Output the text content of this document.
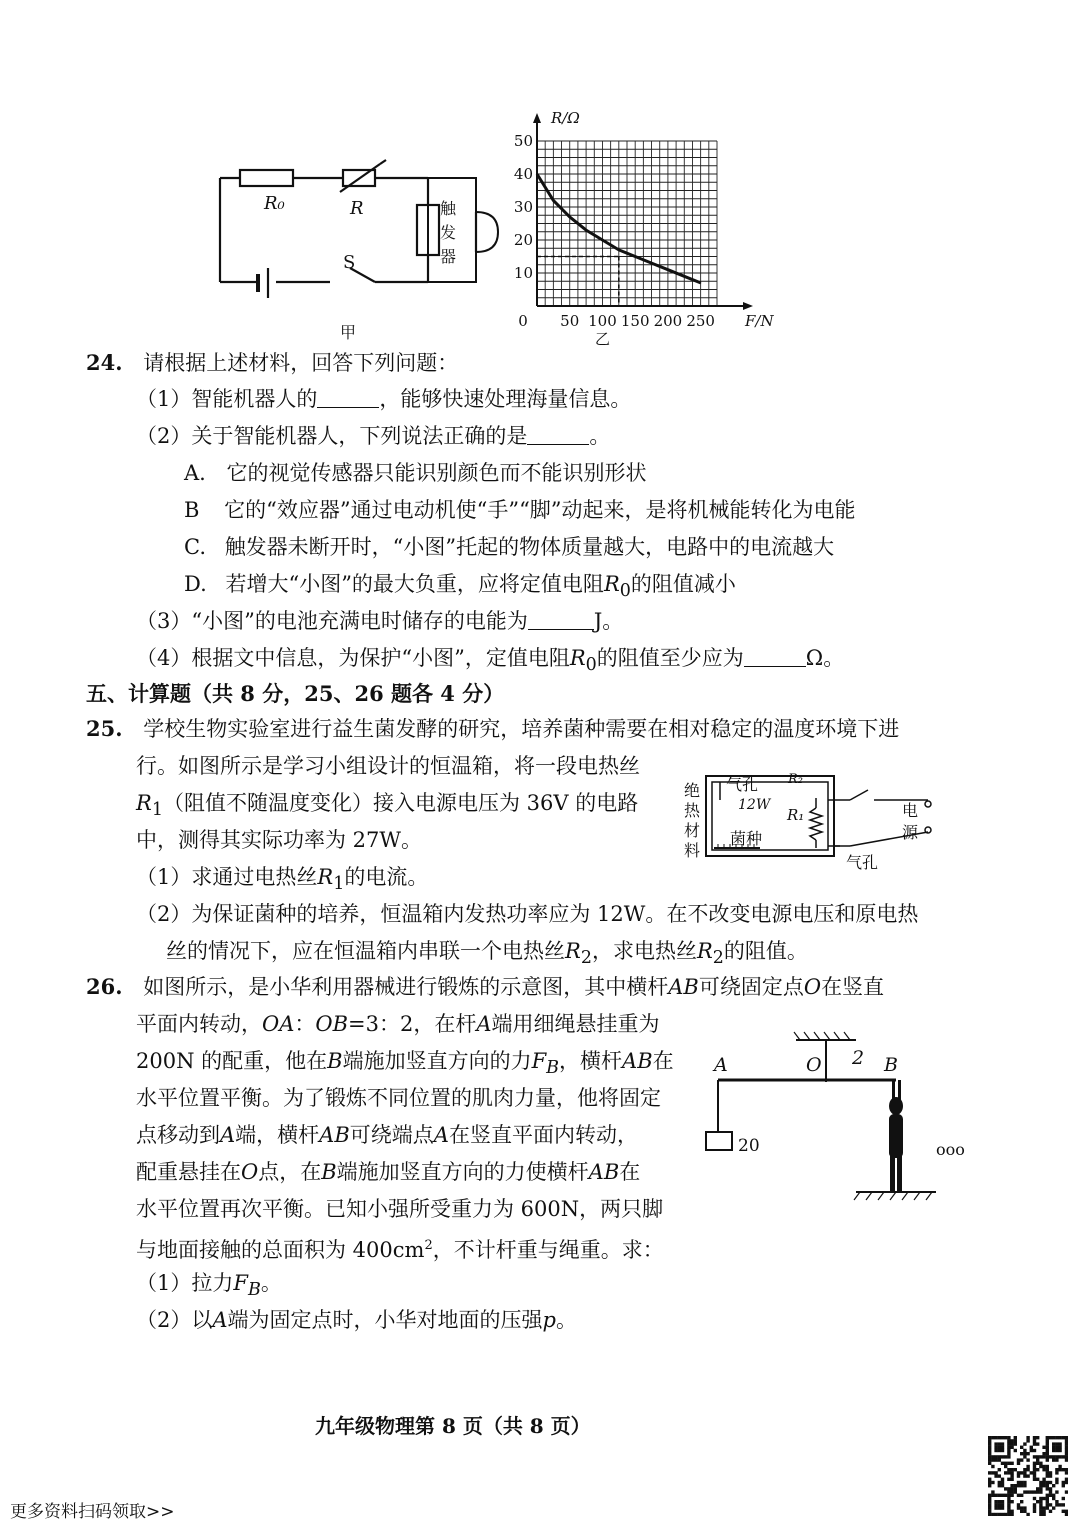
R₀	R
S
触
发
器
甲
R/Ω
F/N
0 50 100 150 200 250
10
20
30
40
50
乙
24. 请根据上述材料，回答下列问题：
（1）智能机器人的	，能够快速处理海量信息。
（2）关于智能机器人，下列说法正确的是	。
A. 它的视觉传感器只能识别颜色而不能识别形状
B 它的“效应器”通过电动机使“手”“脚”动起来，是将机械能转化为电能
C. 触发器未断开时，“小图”托起的物体质量越大，电路中的电流越大
D. 若增大“小图”的最大负重，应将定值电阻$R_0$的阻值减小
（3）“小图”的电池充满电时储存的电能为	J。
（4）根据文中信息，为保护“小图”，定值电阻$R_0$的阻值至少应为	Ω。
五、计算题（共 8 分，25、26 题各 4 分）
25. 学校生物实验室进行益生菌发酵的研究，培养菌种需要在相对稳定的温度环境下进
行。如图所示是学习小组设计的恒温箱，将一段电热丝
$R_1$（阻值不随温度变化）接入电源电压为 36V 的电路
中，测得其实际功率为 27W。
（1）求通过电热丝$R_1$的电流。
（2）为保证菌种的培养，恒温箱内发热功率应为 12W。在不改变电源电压和原电热
丝的情况下，应在恒温箱内串联一个电热丝$R_2$，求电热丝$R_2$的阻值。
绝
热
材
料
气孔 R₂
12W
R₁
菌种
电
源
气孔
26. 如图所示，是小华利用器械进行锻炼的示意图，其中横杆AB可绕固定点O在竖直
平面内转动，OA：OB=3：2，在杆A端用细绳悬挂重为
200N 的配重，他在B端施加竖直方向的力$F_B$，横杆AB在
水平位置平衡。为了锻炼不同位置的肌肉力量，他将固定
点移动到A端，横杆AB可绕端点A在竖直平面内转动，
配重悬挂在O点，在B端施加竖直方向的力使横杆AB在
水平位置再次平衡。已知小强所受重力为 600N，两只脚
与地面接触的总面积为 $400cm^2$，不计杆重与绳重。求：
（1）拉力$F_B$。
（2）以A端为固定点时，小华对地面的压强p。
A	O 2 B
20	ooo
九年级物理第 8 页（共 8 页）
更多资料扫码领取>>
